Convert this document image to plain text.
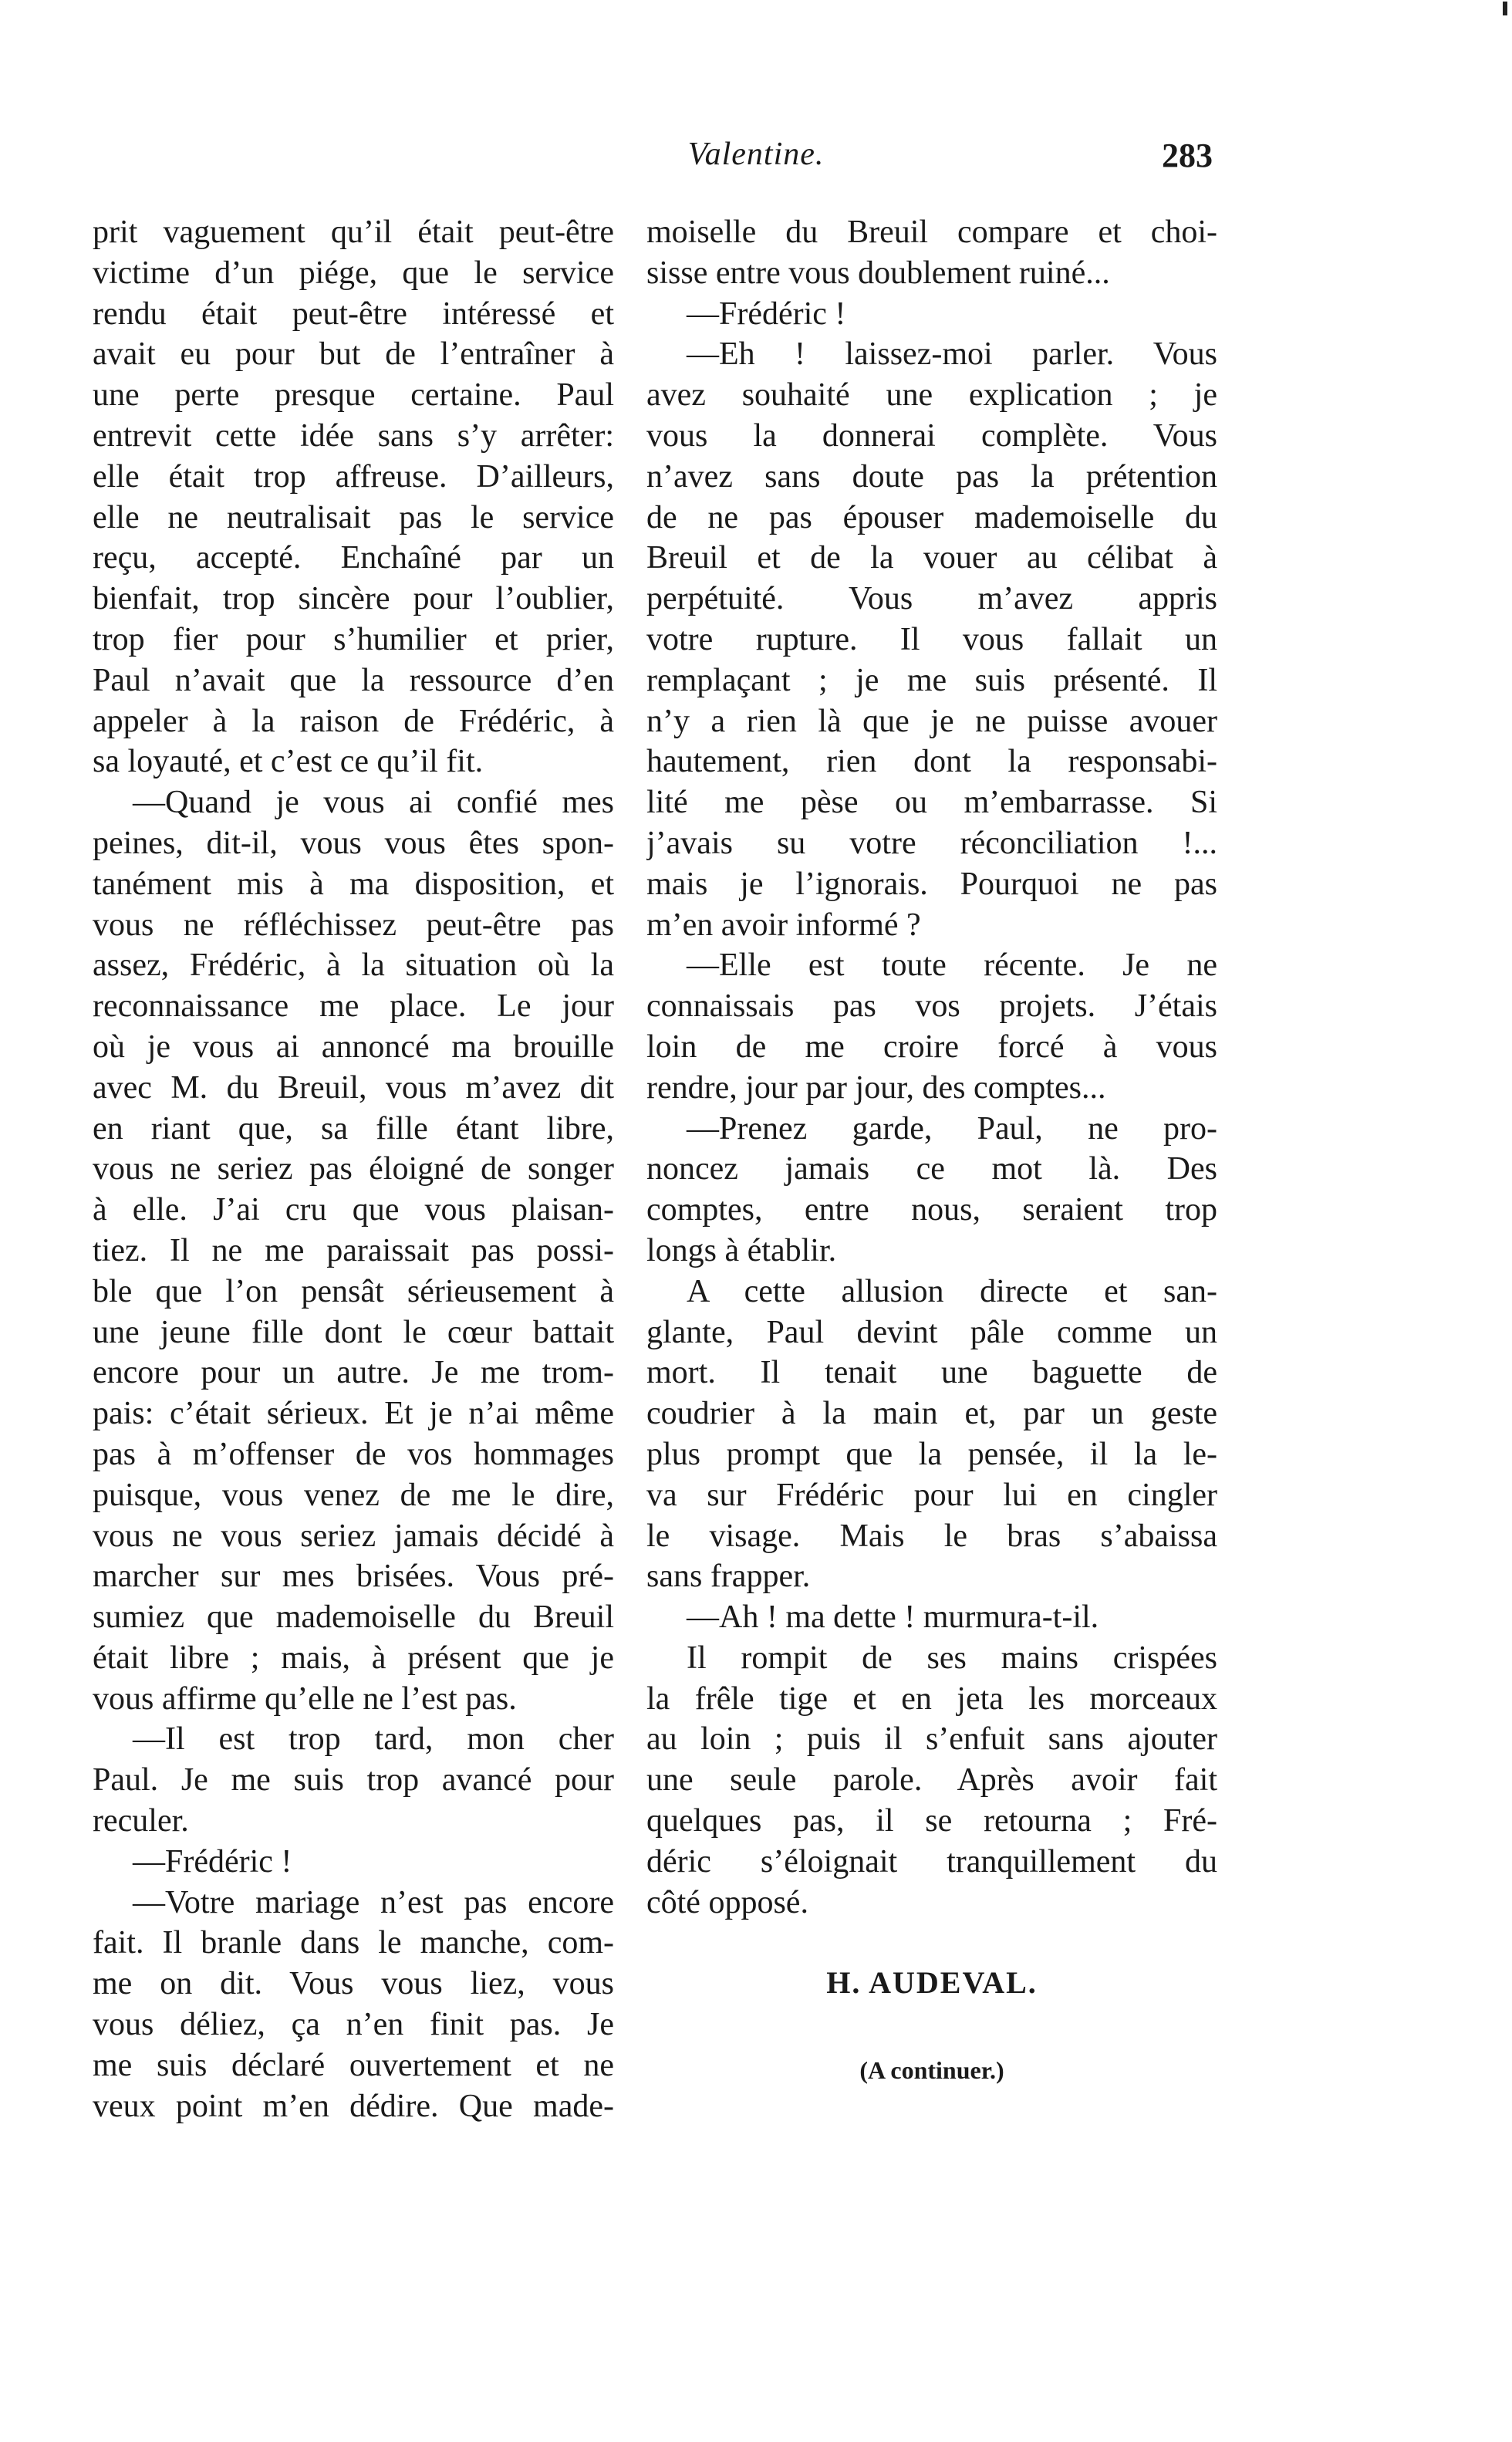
Valentine.	283
prit vaguement qu’il était peut-être
victime d’un piége, que le service
rendu était peut-être intéressé et
avait eu pour but de l’entraîner à
une perte presque certaine. Paul
entrevit cette idée sans s’y arrêter:
elle était trop affreuse. D’ailleurs,
elle ne neutralisait pas le service
reçu, accepté. Enchaîné par un
bienfait, trop sincère pour l’oublier,
trop fier pour s’humilier et prier,
Paul n’avait que la ressource d’en
appeler à la raison de Frédéric, à
sa loyauté, et c’est ce qu’il fit.
—Quand je vous ai confié mes
peines, dit-il, vous vous êtes spon-
tanément mis à ma disposition, et
vous ne réfléchissez peut-être pas
assez, Frédéric, à la situation où la
reconnaissance me place. Le jour
où je vous ai annoncé ma brouille
avec M. du Breuil, vous m’avez dit
en riant que, sa fille étant libre,
vous ne seriez pas éloigné de songer
à elle. J’ai cru que vous plaisan-
tiez. Il ne me paraissait pas possi-
ble que l’on pensât sérieusement à
une jeune fille dont le cœur battait
encore pour un autre. Je me trom-
pais: c’était sérieux. Et je n’ai même
pas à m’offenser de vos hommages
puisque, vous venez de me le dire,
vous ne vous seriez jamais décidé à
marcher sur mes brisées. Vous pré-
sumiez que mademoiselle du Breuil
était libre ; mais, à présent que je
vous affirme qu’elle ne l’est pas.
—Il est trop tard, mon cher
Paul. Je me suis trop avancé pour
reculer.
—Frédéric !
—Votre mariage n’est pas encore
fait. Il branle dans le manche, com-
me on dit. Vous vous liez, vous
vous déliez, ça n’en finit pas. Je
me suis déclaré ouvertement et ne
veux point m’en dédire. Que made-
moiselle du Breuil compare et choi-
sisse entre vous doublement ruiné...
—Frédéric !
—Eh ! laissez-moi parler. Vous
avez souhaité une explication ; je
vous la donnerai complète. Vous
n’avez sans doute pas la prétention
de ne pas épouser mademoiselle du
Breuil et de la vouer au célibat à
perpétuité. Vous m’avez appris
votre rupture. Il vous fallait un
remplaçant ; je me suis présenté. Il
n’y a rien là que je ne puisse avouer
hautement, rien dont la responsabi-
lité me pèse ou m’embarrasse. Si
j’avais su votre réconciliation !...
mais je l’ignorais. Pourquoi ne pas
m’en avoir informé ?
—Elle est toute récente. Je ne
connaissais pas vos projets. J’étais
loin de me croire forcé à vous
rendre, jour par jour, des comptes...
—Prenez garde, Paul, ne pro-
noncez jamais ce mot là. Des
comptes, entre nous, seraient trop
longs à établir.
A cette allusion directe et san-
glante, Paul devint pâle comme un
mort. Il tenait une baguette de
coudrier à la main et, par un geste
plus prompt que la pensée, il la le-
va sur Frédéric pour lui en cingler
le visage. Mais le bras s’abaissa
sans frapper.
—Ah ! ma dette ! murmura-t-il.
Il rompit de ses mains crispées
la frêle tige et en jeta les morceaux
au loin ; puis il s’enfuit sans ajouter
une seule parole. Après avoir fait
quelques pas, il se retourna ; Fré-
déric s’éloignait tranquillement du
côté opposé.
H. AUDEVAL.
(A continuer.)
